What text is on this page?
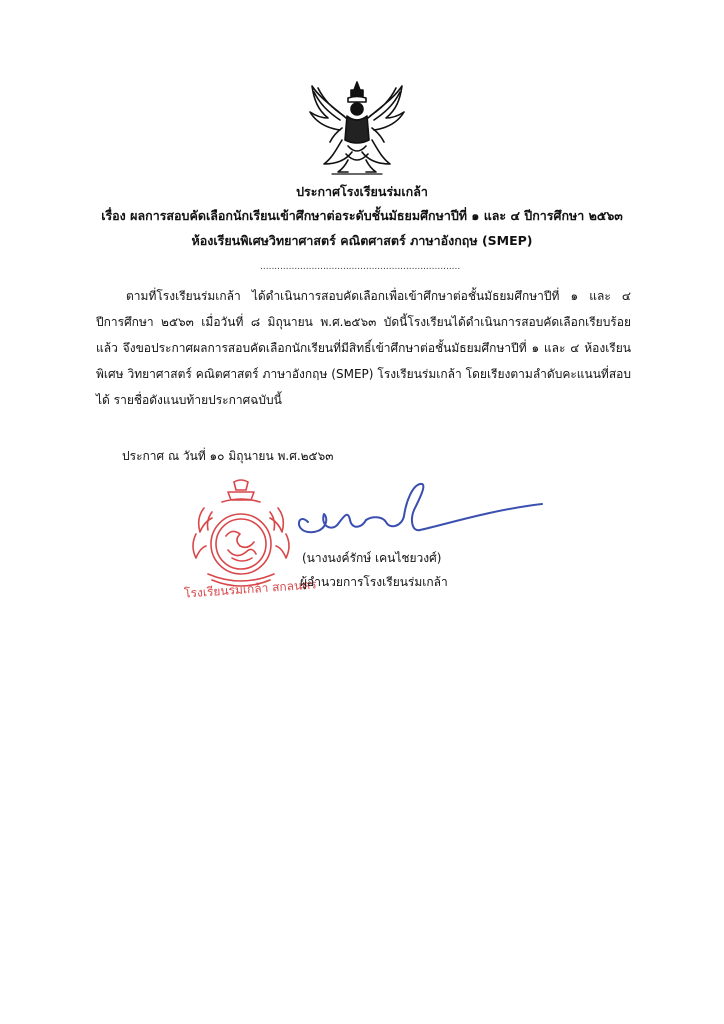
ประกาศโรงเรียนร่มเกล้า
เรื่อง ผลการสอบคัดเลือกนักเรียนเข้าศึกษาต่อระดับชั้นมัธยมศึกษาปีที่ ๑ และ ๔ ปีการศึกษา ๒๕๖๓
ห้องเรียนพิเศษวิทยาศาสตร์ คณิตศาสตร์ ภาษาอังกฤษ (SMEP)
......................................................................
ตามที่โรงเรียนร่มเกล้า ได้ดำเนินการสอบคัดเลือกเพื่อเข้าศึกษาต่อชั้นมัธยมศึกษาปีที่ ๑ และ ๔
ปีการศึกษา ๒๕๖๓ เมื่อวันที่ ๘ มิถุนายน พ.ศ.๒๕๖๓ บัดนี้โรงเรียนได้ดำเนินการสอบคัดเลือกเรียบร้อย
แล้ว จึงขอประกาศผลการสอบคัดเลือกนักเรียนที่มีสิทธิ์เข้าศึกษาต่อชั้นมัธยมศึกษาปีที่ ๑ และ ๔ ห้องเรียน
พิเศษ วิทยาศาสตร์ คณิตศาสตร์ ภาษาอังกฤษ (SMEP) โรงเรียนร่มเกล้า โดยเรียงตามลำดับคะแนนที่สอบ
ได้ รายชื่อดังแนบท้ายประกาศฉบับนี้
ประกาศ ณ วันที่ ๑๐ มิถุนายน พ.ศ.๒๕๖๓
โรงเรียนร่มเกล้า สกลนคร
(นางนงค์รักษ์ เคนไชยวงศ์)
ผู้อำนวยการโรงเรียนร่มเกล้า
